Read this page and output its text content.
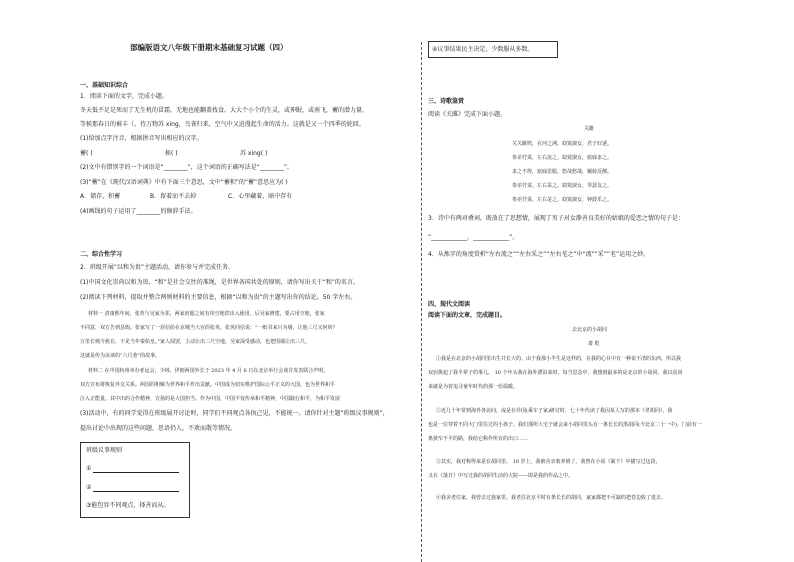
部编版语文八年级下册期末基础复习试题（四）
一、基础知识综合
1．阅读下面的文字，完成小题。
冬天低不足是死而了无生机的冒霜，无地也能翻盖找食。大大个小个的生灵，或伸眠，或南飞，蓄的潜力量，
等候那春日的被丰（。待万物苏 xing，鸟雀归来，空气中又迸漫起生命的活力。这就是又一个四季的轮回。
(1)给加点字注音，根据拼音写出相应的汉字。
蓄( )	候( )	苏 xing( )
(2)文中有错别字的一个词语是“________”，这个词语的正确写法是“________”。
(3)“蓄”在《现代汉语词典》中有下面三个意思，文中“蓄积”的“蓄”意思应为( )
A．储存，积蓄	B．留着而不去掉	C．心里藏着，暗中存有
(4)画线的句子运用了________的修辞手法。
二、综合性学习
2．班级开展“以和为贵”主题活动，请你参与并完成任务。
(1)中国文化崇尚以和为贵，“和”是社会交往的准绳，是世界各国共处的原则，请你写出关于“和”的名言。
(2)阅读下列材料，提取并整合两则材料的主要信息，根据“以和为贵”的主题写出你的结论。50 字左右。
材料一 清康熙年间，张英与吴家为邻，两家府邸之间有块空地供出入使用。后吴家修建，要占用空地，张家
不同意，双方告到县衙。张家写了一封信给在京城当大官的张英。张英回信说：“一纸书来只为墙，让他三尺又何妨？
万里长城今犹在，不见当年秦始皇。”家人阅罢，主动让出三尺空地。吴家深受感动，也把围墙让出三尺。
这就是传为美谈的“六尺巷”的故事。
材料二 在中国杭州举办亚运会，少林、伊朗两国外长于 2023 年 4 月 6 日在北京举行会谈并发表联合声明，
双方宣布将恢复外交关系。两国的和解为世界和平作出贡献。中国成为切实维护国际公平正义的大国，也为世界和平
注入正能量。其中出的合作精神，宣扬的是大国担当。作为中国，中国不仅传承和平精神，中国践行和平，为和平发展
(3)活动中，有的同学觉得在班级展开讨论时，同学们不同观点各执己见，不能统一。请你针对主题“班级议事规则”，
提出讨论中出现的这些问题，思语仍人，不欢而散等情况。
班级议事规则
①
②
③能包容不同观点，择善而从。
④议事结果民主决定，少数服从多数。
三、诗歌鉴赏
阅读《关雎》完成下面小题。
关雎
关关雎鸠，在河之洲。窈窕淑女，君子好逑。
参差荇菜，左右流之。窈窕淑女，寤寐求之。
求之不得，寤寐思服。悠哉悠哉，辗转反侧。
参差荇菜，左右采之。窈窕淑女，琴瑟友之。
参差荇菜，左右芼之。窈窕淑女，钟鼓乐之。
3．诗中有两对叠词，既放在了思想情，展现了男子对女静善良美好的姑娘的爱恋之情的句子是：
“____________，____________”。
4．从炼字的角度赏析“左右流之”“左右采之”“左右芼之”中“流”“采”“芼”运用之妙。
四、现代文阅读
阅读下面的文章，完成题目。
去北京的小胡同
萧 乾
①我是在北京的小胡同里出生并长大的。由于我那小半生是这样的，在我的心目中有一种说不清的东西，所以我
双肩挑起了我半辈子的事儿。 10 个年头我在海外漂泊来时，每当思念中，我想到最多的是北京的小胡同。我以说回
来就是为着追寻童年时代的那一份温暖。
②近几十年常到海外各访问，或是在异国(乘车子家)研讨时，七十年代读了我因某人写的那本《老胡同》，我
也是一位穿着不同大门里住过的小孩子。我们那所大宅子就会来小胡同里头有一条长长的黑胡同(今北京二十一中)，门前有一
条狭窄不平的路，我给它称作所有的出口……
③其实，我对称得来是在胡同里。 10 岁上，我被舍亲收养到了。我曾在小说《篱下》中描写过这段，
又在《落日》中写过我的胡同生活的大院——即是我的作品之中。
④我舍老住家，我曾去过我家里。我老往北京平时有条长长的胡同，家家都把不可缺的把卷边收了进去。
